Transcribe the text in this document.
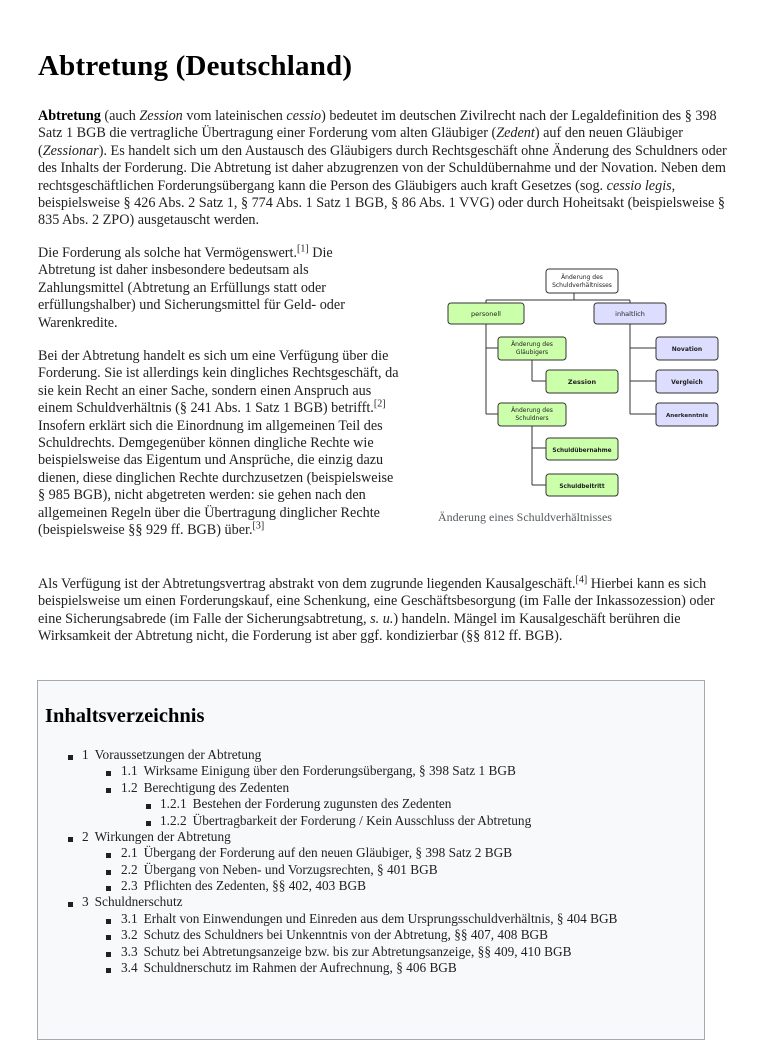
Abtretung (Deutschland)

Abtretung (auch Zession vom lateinischen cessio) bedeutet im deutschen Zivilrecht nach der Legaldefinition des § 398 Satz 1 BGB die vertragliche Übertragung einer Forderung vom alten Gläubiger (Zedent) auf den neuen Gläubiger (Zessionar). Es handelt sich um den Austausch des Gläubigers durch Rechtsgeschäft ohne Änderung des Schuldners oder des Inhalts der Forderung. Die Abtretung ist daher abzugrenzen von der Schuldübernahme und der Novation. Neben dem rechtsgeschäftlichen Forderungsübergang kann die Person des Gläubigers auch kraft Gesetzes (sog. cessio legis, beispielsweise § 426 Abs. 2 Satz 1, § 774 Abs. 1 Satz 1 BGB, § 86 Abs. 1 VVG) oder durch Hoheitsakt (beispielsweise § 835 Abs. 2 ZPO) ausgetauscht werden.

Die Forderung als solche hat Vermögenswert.[1] Die Abtretung ist daher insbesondere bedeutsam als Zahlungsmittel (Abtretung an Erfüllungs statt oder erfüllungshalber) und Sicherungsmittel für Geld- oder Warenkredite.

Bei der Abtretung handelt es sich um eine Verfügung über die Forderung. Sie ist allerdings kein dingliches Rechtsgeschäft, da sie kein Recht an einer Sache, sondern einen Anspruch aus einem Schuldverhältnis (§ 241 Abs. 1 Satz 1 BGB) betrifft.[2] Insofern erklärt sich die Einordnung im allgemeinen Teil des Schuldrechts. Demgegenüber können dingliche Rechte wie beispielsweise das Eigentum und Ansprüche, die einzig dazu dienen, diese dinglichen Rechte durchzusetzen (beispielsweise § 985 BGB), nicht abgetreten werden: sie gehen nach den allgemeinen Regeln über die Übertragung dinglicher Rechte (beispielsweise §§ 929 ff. BGB) über.[3]

Änderung des
Schuldverhältnisses
personell	inhaltlich
Änderung des
Gläubigers
Zession
Änderung des
Schuldners
Schuldübernahme
Schuldbeitritt
Novation
Vergleich
Anerkenntnis
Änderung eines Schuldverhältnisses

Als Verfügung ist der Abtretungsvertrag abstrakt von dem zugrunde liegenden Kausalgeschäft.[4] Hierbei kann es sich beispielsweise um einen Forderungskauf, eine Schenkung, eine Geschäftsbesorgung (im Falle der Inkassozession) oder eine Sicherungsabrede (im Falle der Sicherungsabtretung, s. u.) handeln. Mängel im Kausalgeschäft berühren die Wirksamkeit der Abtretung nicht, die Forderung ist aber ggf. kondizierbar (§§ 812 ff. BGB).

Inhaltsverzeichnis
1 Voraussetzungen der Abtretung
1.1 Wirksame Einigung über den Forderungsübergang, § 398 Satz 1 BGB
1.2 Berechtigung des Zedenten
1.2.1 Bestehen der Forderung zugunsten des Zedenten
1.2.2 Übertragbarkeit der Forderung / Kein Ausschluss der Abtretung
2 Wirkungen der Abtretung
2.1 Übergang der Forderung auf den neuen Gläubiger, § 398 Satz 2 BGB
2.2 Übergang von Neben- und Vorzugsrechten, § 401 BGB
2.3 Pflichten des Zedenten, §§ 402, 403 BGB
3 Schuldnerschutz
3.1 Erhalt von Einwendungen und Einreden aus dem Ursprungsschuldverhältnis, § 404 BGB
3.2 Schutz des Schuldners bei Unkenntnis von der Abtretung, §§ 407, 408 BGB
3.3 Schutz bei Abtretungsanzeige bzw. bis zur Abtretungsanzeige, §§ 409, 410 BGB
3.4 Schuldnerschutz im Rahmen der Aufrechnung, § 406 BGB
